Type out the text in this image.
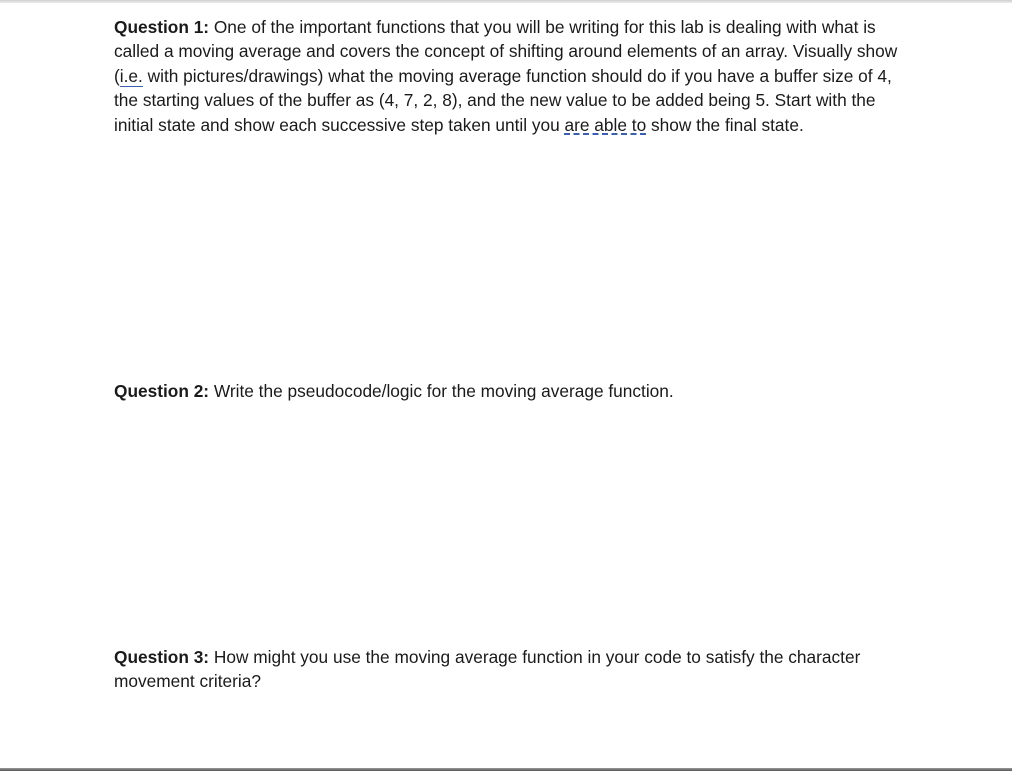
Question 1: One of the important functions that you will be writing for this lab is dealing with what is called a moving average and covers the concept of shifting around elements of an array. Visually show (i.e. with pictures/drawings) what the moving average function should do if you have a buffer size of 4, the starting values of the buffer as (4, 7, 2, 8), and the new value to be added being 5. Start with the initial state and show each successive step taken until you are able to show the final state.

Question 2: Write the pseudocode/logic for the moving average function.

Question 3: How might you use the moving average function in your code to satisfy the character movement criteria?
